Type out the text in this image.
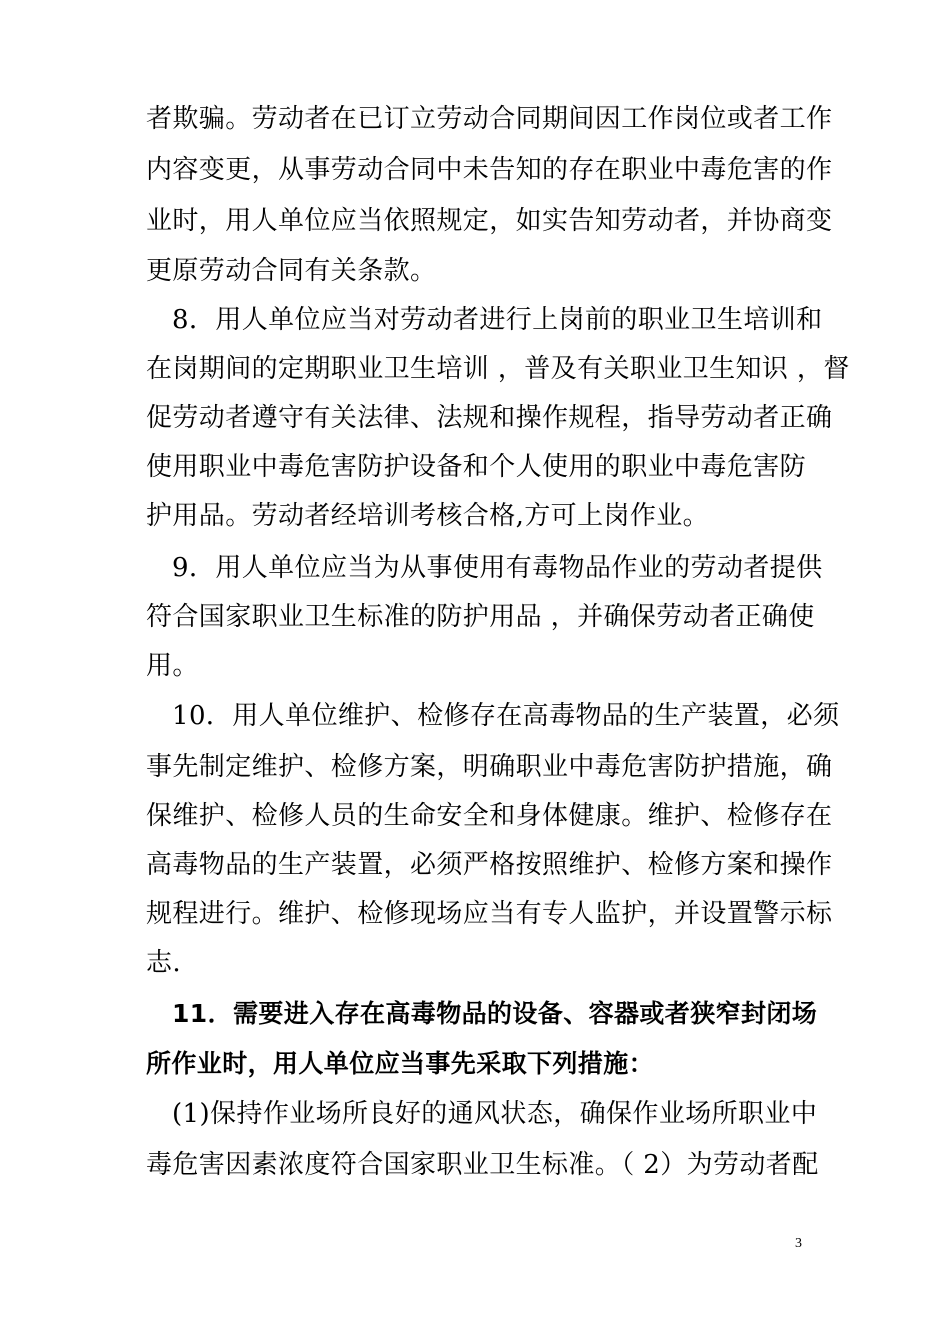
者欺骗。劳动者在已订立劳动合同期间因工作岗位或者工作
内容变更，从事劳动合同中未告知的存在职业中毒危害的作
业时，用人单位应当依照规定，如实告知劳动者，并协商变
更原劳动合同有关条款。
8．用人单位应当对劳动者进行上岗前的职业卫生培训和
在岗期间的定期职业卫生培训 ，普及有关职业卫生知识 ，督
促劳动者遵守有关法律、法规和操作规程，指导劳动者正确
使用职业中毒危害防护设备和个人使用的职业中毒危害防
护用品。劳动者经培训考核合格,方可上岗作业。
9．用人单位应当为从事使用有毒物品作业的劳动者提供
符合国家职业卫生标准的防护用品 ，并确保劳动者正确使
用。
10．用人单位维护、检修存在高毒物品的生产装置，必须
事先制定维护、检修方案，明确职业中毒危害防护措施，确
保维护、检修人员的生命安全和身体健康。维护、检修存在
高毒物品的生产装置，必须严格按照维护、检修方案和操作
规程进行。维护、检修现场应当有专人监护，并设置警示标
志.
11．需要进入存在高毒物品的设备、容器或者狭窄封闭场
所作业时，用人单位应当事先采取下列措施：
(1)保持作业场所良好的通风状态，确保作业场所职业中
毒危害因素浓度符合国家职业卫生标准。（ 2）为劳动者配
3
